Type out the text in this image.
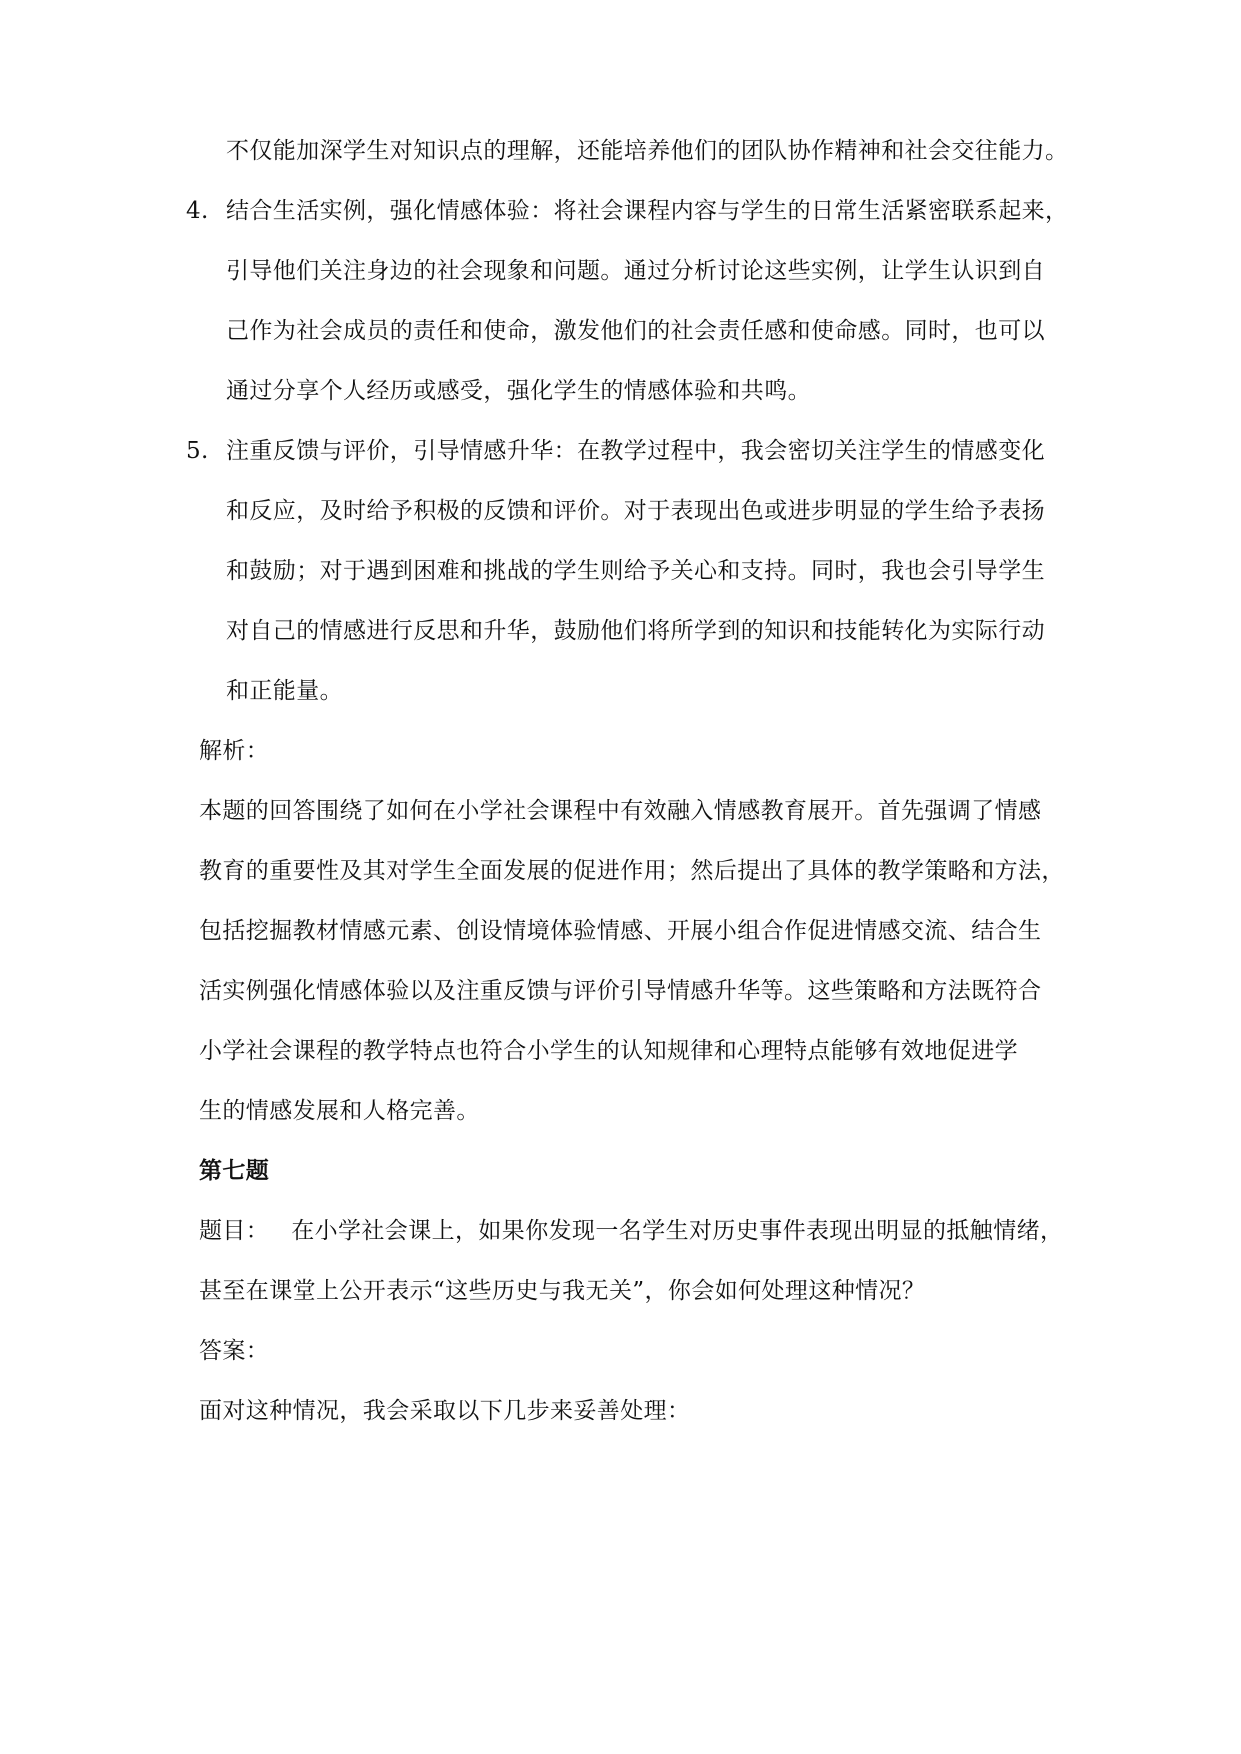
不仅能加深学生对知识点的理解，还能培养他们的团队协作精神和社会交往能力。
4. 结合生活实例，强化情感体验：将社会课程内容与学生的日常生活紧密联系起来，
引导他们关注身边的社会现象和问题。通过分析讨论这些实例，让学生认识到自
己作为社会成员的责任和使命，激发他们的社会责任感和使命感。同时，也可以
通过分享个人经历或感受，强化学生的情感体验和共鸣。
5. 注重反馈与评价，引导情感升华：在教学过程中，我会密切关注学生的情感变化
和反应，及时给予积极的反馈和评价。对于表现出色或进步明显的学生给予表扬
和鼓励；对于遇到困难和挑战的学生则给予关心和支持。同时，我也会引导学生
对自己的情感进行反思和升华，鼓励他们将所学到的知识和技能转化为实际行动
和正能量。
解析：
本题的回答围绕了如何在小学社会课程中有效融入情感教育展开。首先强调了情感
教育的重要性及其对学生全面发展的促进作用；然后提出了具体的教学策略和方法，
包括挖掘教材情感元素、创设情境体验情感、开展小组合作促进情感交流、结合生
活实例强化情感体验以及注重反馈与评价引导情感升华等。这些策略和方法既符合
小学社会课程的教学特点也符合小学生的认知规律和心理特点能够有效地促进学
生的情感发展和人格完善。
第七题
题目： 在小学社会课上，如果你发现一名学生对历史事件表现出明显的抵触情绪，
甚至在课堂上公开表示“这些历史与我无关”，你会如何处理这种情况？
答案：
面对这种情况，我会采取以下几步来妥善处理：
